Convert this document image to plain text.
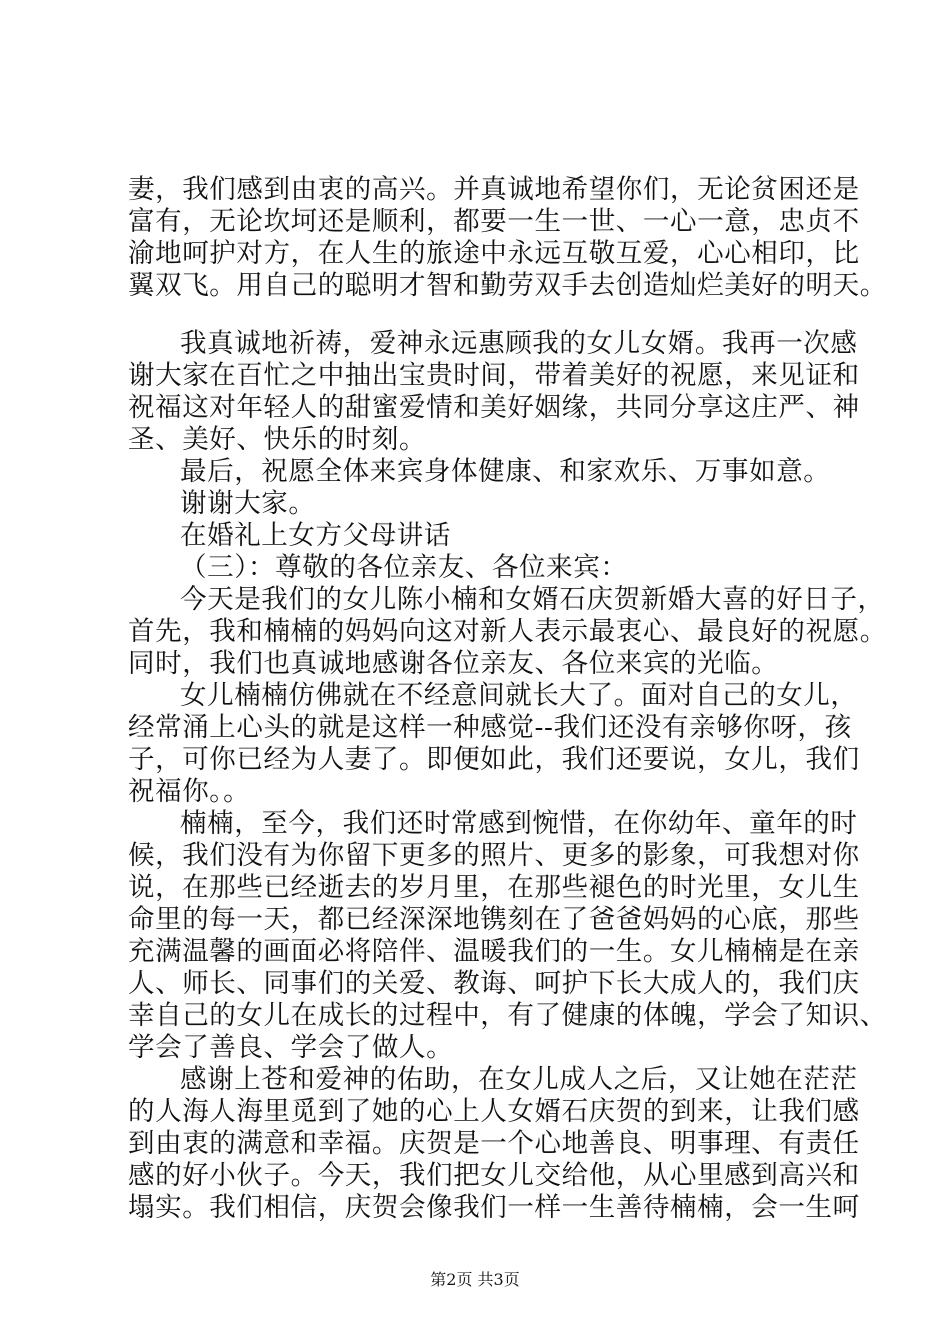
妻，我们感到由衷的高兴。并真诚地希望你们，无论贫困还是
富有，无论坎坷还是顺利，都要一生一世、一心一意，忠贞不
渝地呵护对方，在人生的旅途中永远互敬互爱，心心相印，比
翼双飞。用自己的聪明才智和勤劳双手去创造灿烂美好的明天。
我真诚地祈祷，爱神永远惠顾我的女儿女婿。我再一次感
谢大家在百忙之中抽出宝贵时间，带着美好的祝愿，来见证和
祝福这对年轻人的甜蜜爱情和美好姻缘，共同分享这庄严、神
圣、美好、快乐的时刻。
最后，祝愿全体来宾身体健康、和家欢乐、万事如意。
谢谢大家。
在婚礼上女方父母讲话
（三）：尊敬的各位亲友、各位来宾：
今天是我们的女儿陈小楠和女婿石庆贺新婚大喜的好日子，
首先，我和楠楠的妈妈向这对新人表示最衷心、最良好的祝愿。
同时，我们也真诚地感谢各位亲友、各位来宾的光临。
女儿楠楠仿佛就在不经意间就长大了。面对自己的女儿，
经常涌上心头的就是这样一种感觉--我们还没有亲够你呀，孩
子，可你已经为人妻了。即便如此，我们还要说，女儿，我们
祝福你。。
楠楠，至今，我们还时常感到惋惜，在你幼年、童年的时
候，我们没有为你留下更多的照片、更多的影象，可我想对你
说，在那些已经逝去的岁月里，在那些褪色的时光里，女儿生
命里的每一天，都已经深深地镌刻在了爸爸妈妈的心底，那些
充满温馨的画面必将陪伴、温暖我们的一生。女儿楠楠是在亲
人、师长、同事们的关爱、教诲、呵护下长大成人的，我们庆
幸自己的女儿在成长的过程中，有了健康的体魄，学会了知识、
学会了善良、学会了做人。
感谢上苍和爱神的佑助，在女儿成人之后，又让她在茫茫
的人海人海里觅到了她的心上人女婿石庆贺的到来，让我们感
到由衷的满意和幸福。庆贺是一个心地善良、明事理、有责任
感的好小伙子。今天，我们把女儿交给他，从心里感到高兴和
塌实。我们相信，庆贺会像我们一样一生善待楠楠，会一生呵
第2页 共3页
